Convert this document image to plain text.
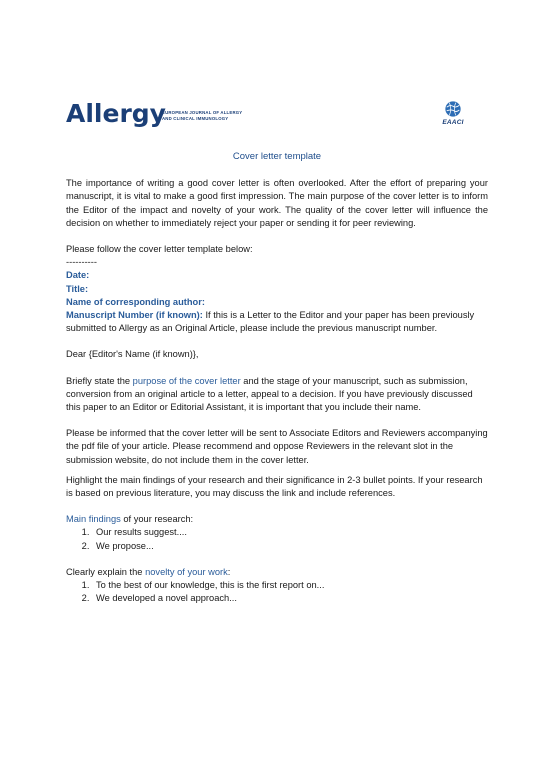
Allergy
EUROPEAN JOURNAL OF ALLERGY
AND CLINICAL IMMUNOLOGY
EAACI
Cover letter template

The importance of writing a good cover letter is often overlooked. After the effort of preparing your manuscript, it is vital to make a good first impression. The main purpose of the cover letter is to inform the Editor of the impact and novelty of your work. The quality of the cover letter will influence the decision on whether to immediately reject your paper or sending it for peer reviewing.

Please follow the cover letter template below:

----------

Date:

Title:

Name of corresponding author:

Manuscript Number (if known): If this is a Letter to the Editor and your paper has been previously submitted to Allergy as an Original Article, please include the previous manuscript number.

Dear {Editor's Name (if known)},

Briefly state the purpose of the cover letter and the stage of your manuscript, such as submission, conversion from an original article to a letter, appeal to a decision. If you have previously discussed this paper to an Editor or Editorial Assistant, it is important that you include their name.

Please be informed that the cover letter will be sent to Associate Editors and Reviewers accompanying the pdf file of your article. Please recommend and oppose Reviewers in the relevant slot in the submission website, do not include them in the cover letter.

Highlight the main findings of your research and their significance in 2-3 bullet points. If your research is based on previous literature, you may discuss the link and include references.

Main findings of your research:

1. Our results suggest....
2. We propose...

Clearly explain the novelty of your work:

1. To the best of our knowledge, this is the first report on...
2. We developed a novel approach...
